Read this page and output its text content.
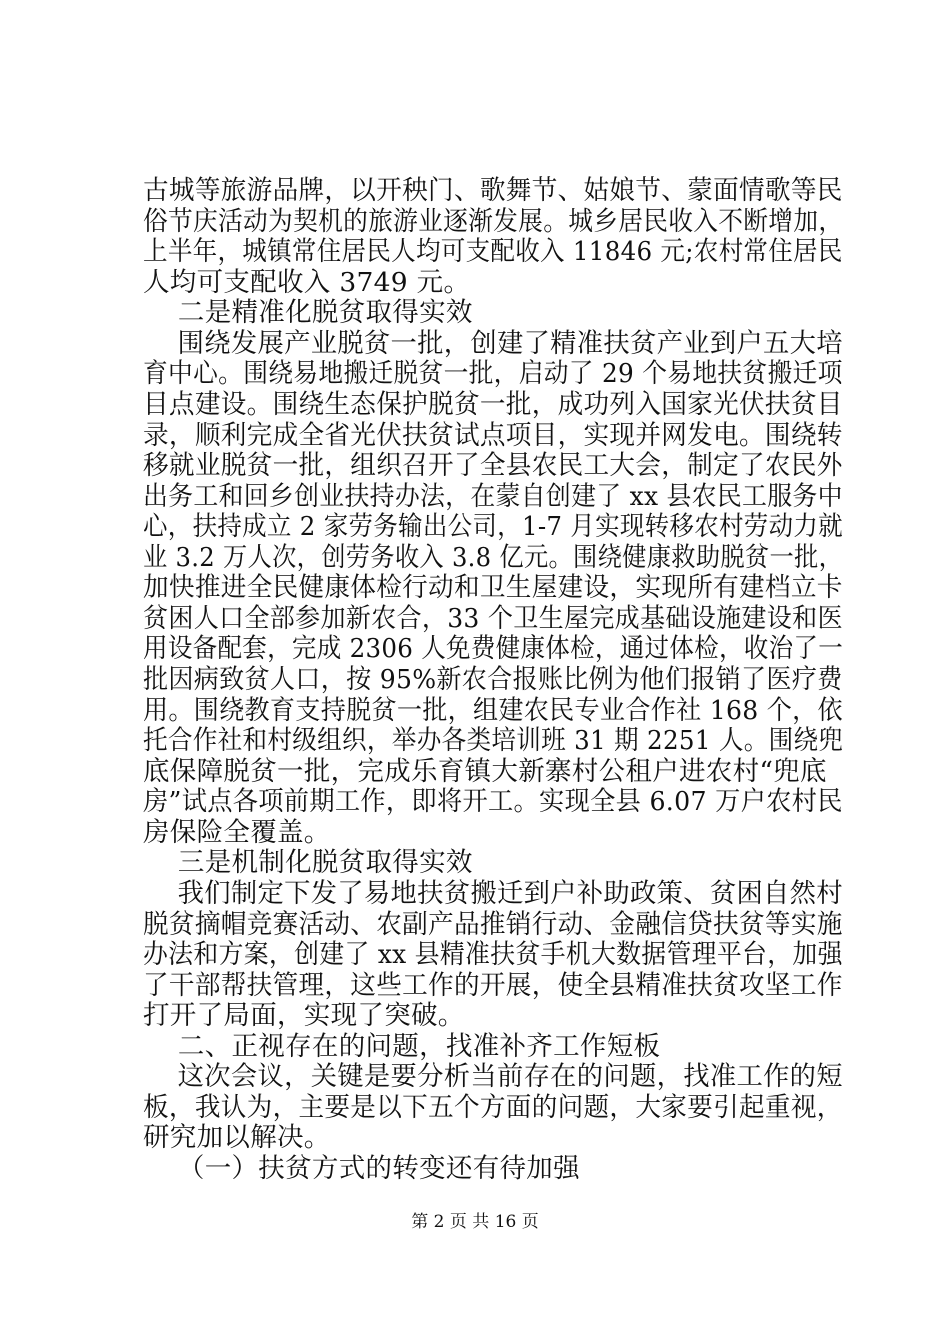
古城等旅游品牌，以开秧门、歌舞节、姑娘节、蒙面情歌等民
俗节庆活动为契机的旅游业逐渐发展。城乡居民收入不断增加，
上半年，城镇常住居民人均可支配收入 11846 元;农村常住居民
人均可支配收入 3749 元。
二是精准化脱贫取得实效
围绕发展产业脱贫一批，创建了精准扶贫产业到户五大培
育中心。围绕易地搬迁脱贫一批，启动了 29 个易地扶贫搬迁项
目点建设。围绕生态保护脱贫一批，成功列入国家光伏扶贫目
录，顺利完成全省光伏扶贫试点项目，实现并网发电。围绕转
移就业脱贫一批，组织召开了全县农民工大会，制定了农民外
出务工和回乡创业扶持办法，在蒙自创建了 xx 县农民工服务中
心，扶持成立 2 家劳务输出公司，1-7 月实现转移农村劳动力就
业 3.2 万人次，创劳务收入 3.8 亿元。围绕健康救助脱贫一批，
加快推进全民健康体检行动和卫生屋建设，实现所有建档立卡
贫困人口全部参加新农合，33 个卫生屋完成基础设施建设和医
用设备配套，完成 2306 人免费健康体检，通过体检，收治了一
批因病致贫人口，按 95%新农合报账比例为他们报销了医疗费
用。围绕教育支持脱贫一批，组建农民专业合作社 168 个，依
托合作社和村级组织，举办各类培训班 31 期 2251 人。围绕兜
底保障脱贫一批，完成乐育镇大新寨村公租户进农村“兜底
房”试点各项前期工作，即将开工。实现全县 6.07 万户农村民
房保险全覆盖。
三是机制化脱贫取得实效
我们制定下发了易地扶贫搬迁到户补助政策、贫困自然村
脱贫摘帽竞赛活动、农副产品推销行动、金融信贷扶贫等实施
办法和方案，创建了 xx 县精准扶贫手机大数据管理平台，加强
了干部帮扶管理，这些工作的开展，使全县精准扶贫攻坚工作
打开了局面，实现了突破。
二、正视存在的问题，找准补齐工作短板
这次会议，关键是要分析当前存在的问题，找准工作的短
板，我认为，主要是以下五个方面的问题，大家要引起重视，
研究加以解决。
（一）扶贫方式的转变还有待加强
第 2 页 共 16 页
